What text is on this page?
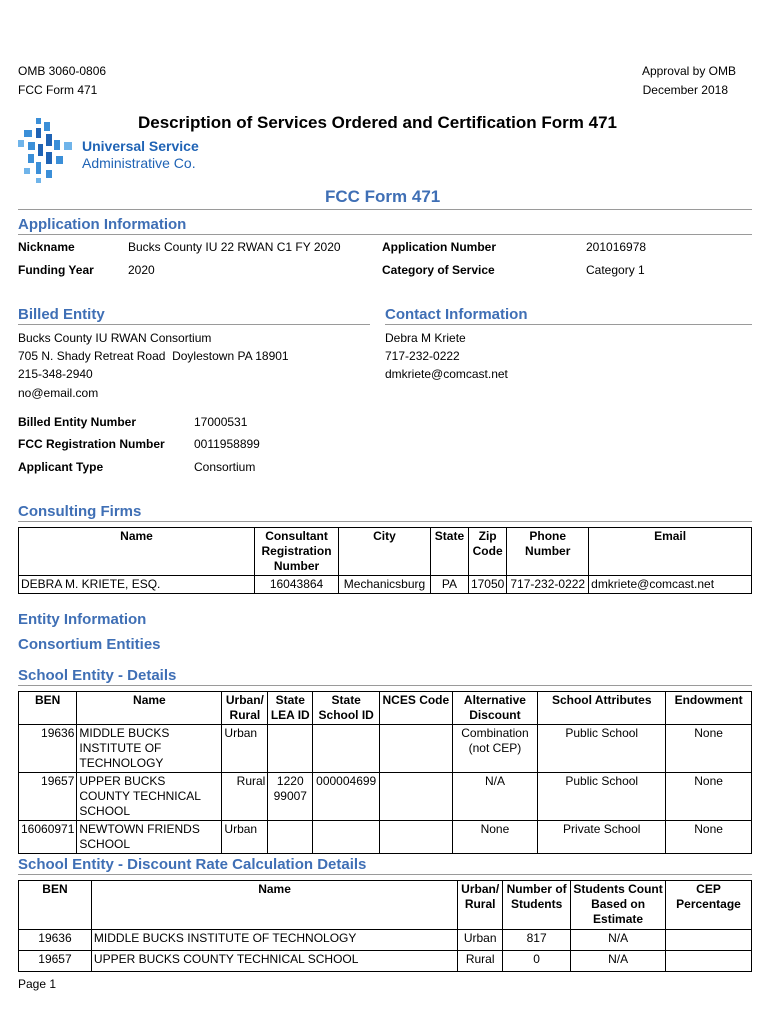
OMB 3060-0806
FCC Form 471
Approval by OMB
December 2018
Description of Services Ordered and Certification Form 471
Universal Service
Administrative Co.
FCC Form 471
Application Information
Nickname	Bucks County IU 22 RWAN C1 FY 2020	Application Number	201016978
Funding Year	2020	Category of Service	Category 1
Billed Entity
Bucks County IU RWAN Consortium
705 N. Shady Retreat Road  Doylestown PA 18901
215-348-2940
no@email.com
Contact Information
Debra M Kriete
717-232-0222
dmkriete@comcast.net
Billed Entity Number	17000531
FCC Registration Number 0011958899
Applicant Type	Consortium
Consulting Firms
Name	Consultant Registration Number	City	State	Zip Code	Phone Number	Email
DEBRA M. KRIETE, ESQ.	16043864	Mechanicsburg	PA	17050	717-232-0222	dmkriete@comcast.net
Entity Information
Consortium Entities
School Entity - Details
BEN	Name	Urban/ Rural	State LEA ID	State School ID	NCES Code	Alternative Discount	School Attributes	Endowment
19636	MIDDLE BUCKS INSTITUTE OF TECHNOLOGY	Urban				Combination (not CEP)	Public School	None
19657	UPPER BUCKS COUNTY TECHNICAL SCHOOL	Rural	1220 99007	000004699		N/A	Public School	None
16060971	NEWTOWN FRIENDS SCHOOL	Urban				None	Private School	None
School Entity - Discount Rate Calculation Details
BEN	Name	Urban/ Rural	Number of Students	Students Count Based on Estimate	CEP Percentage
19636	MIDDLE BUCKS INSTITUTE OF TECHNOLOGY	Urban	817	N/A	
19657	UPPER BUCKS COUNTY TECHNICAL SCHOOL	Rural	0	N/A	
Page 1
